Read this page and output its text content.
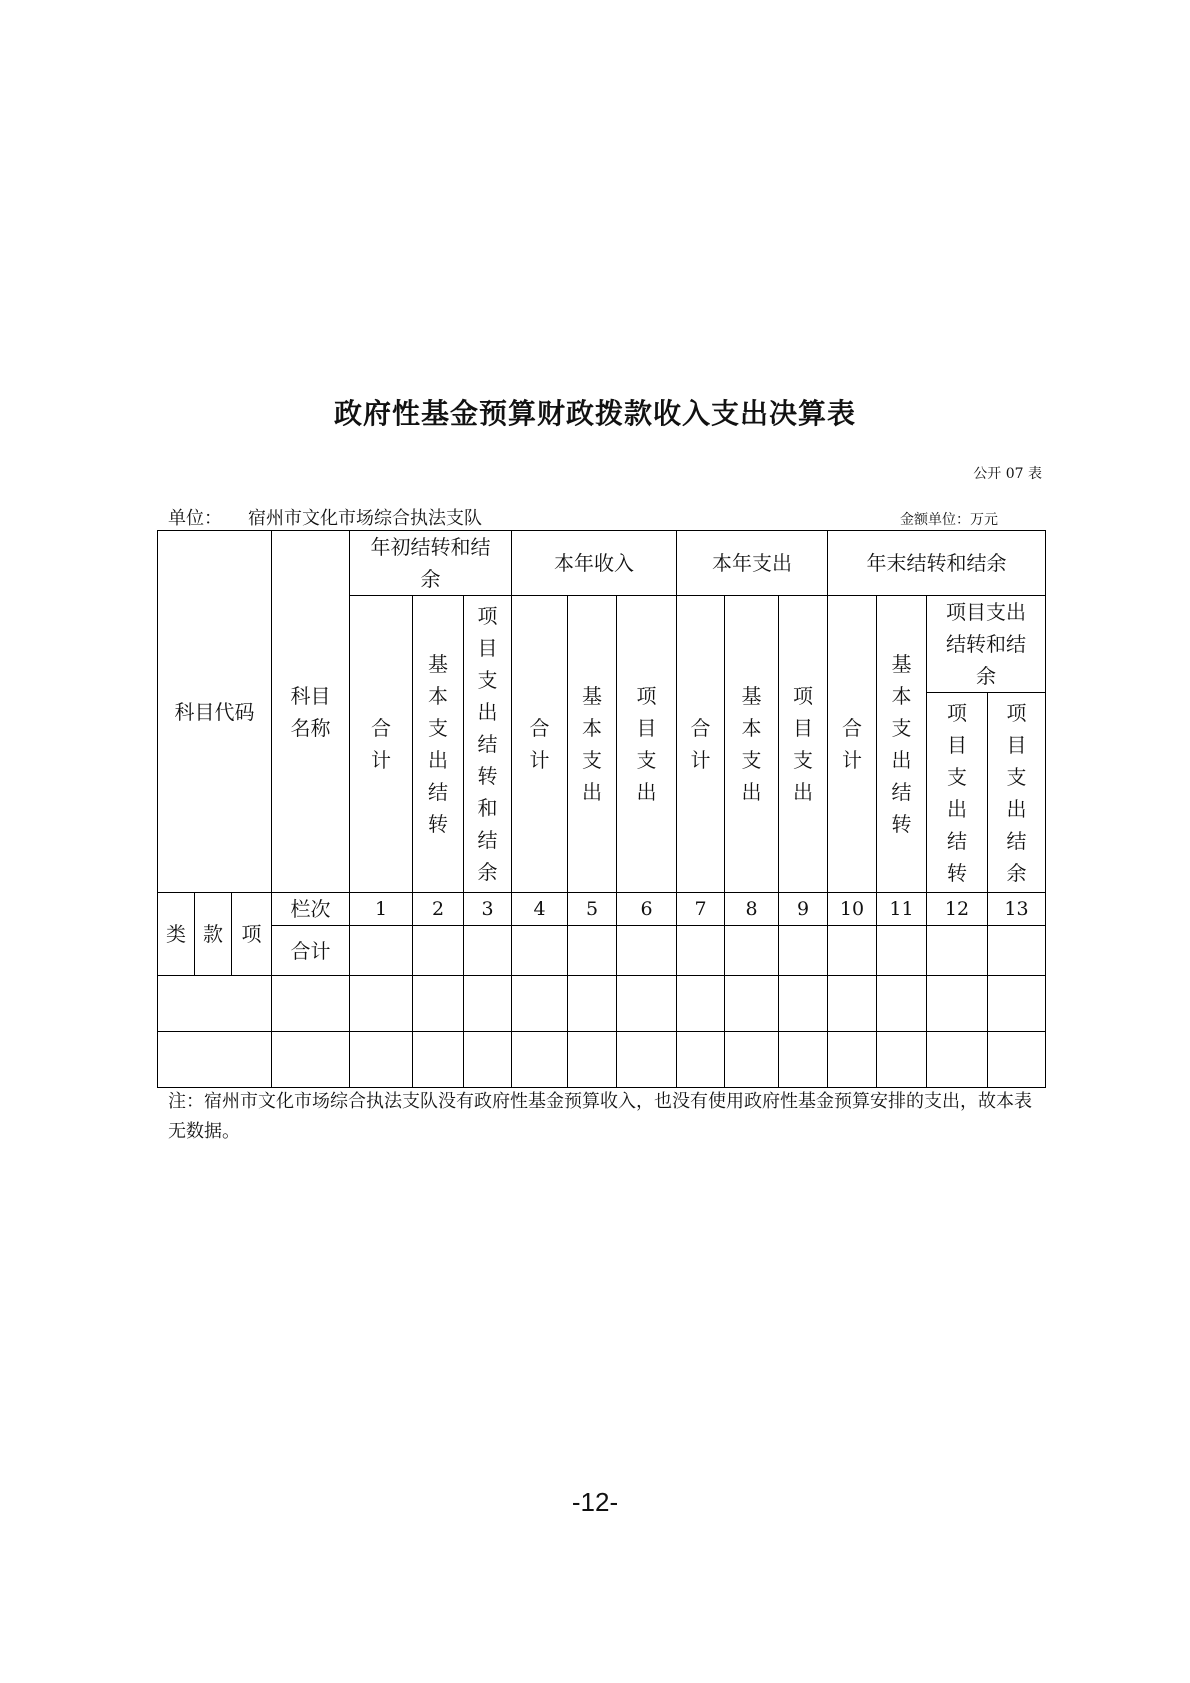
政府性基金预算财政拨款收入支出决算表
公开 07 表
单位： 宿州市文化市场综合执法支队	金额单位：万元
科目代码			科目名称	年初结转和结余			本年收入			本年支出			年末结转和结余			

				合计	基本支出结转	项目支出结转和结余	合计	基本支出	项目支出	合计	基本支出	项目支出	合计	基本支出结转	项目支出结转和结余	

															项目支出结转	项目支出结余

类	款	项	栏次	1	2	3	4	5	6	7	8	9	10	11	12	13
			合计													

注：宿州市文化市场综合执法支队没有政府性基金预算收入，也没有使用政府性基金预算安排的支出，故本表无数据。
-12-
